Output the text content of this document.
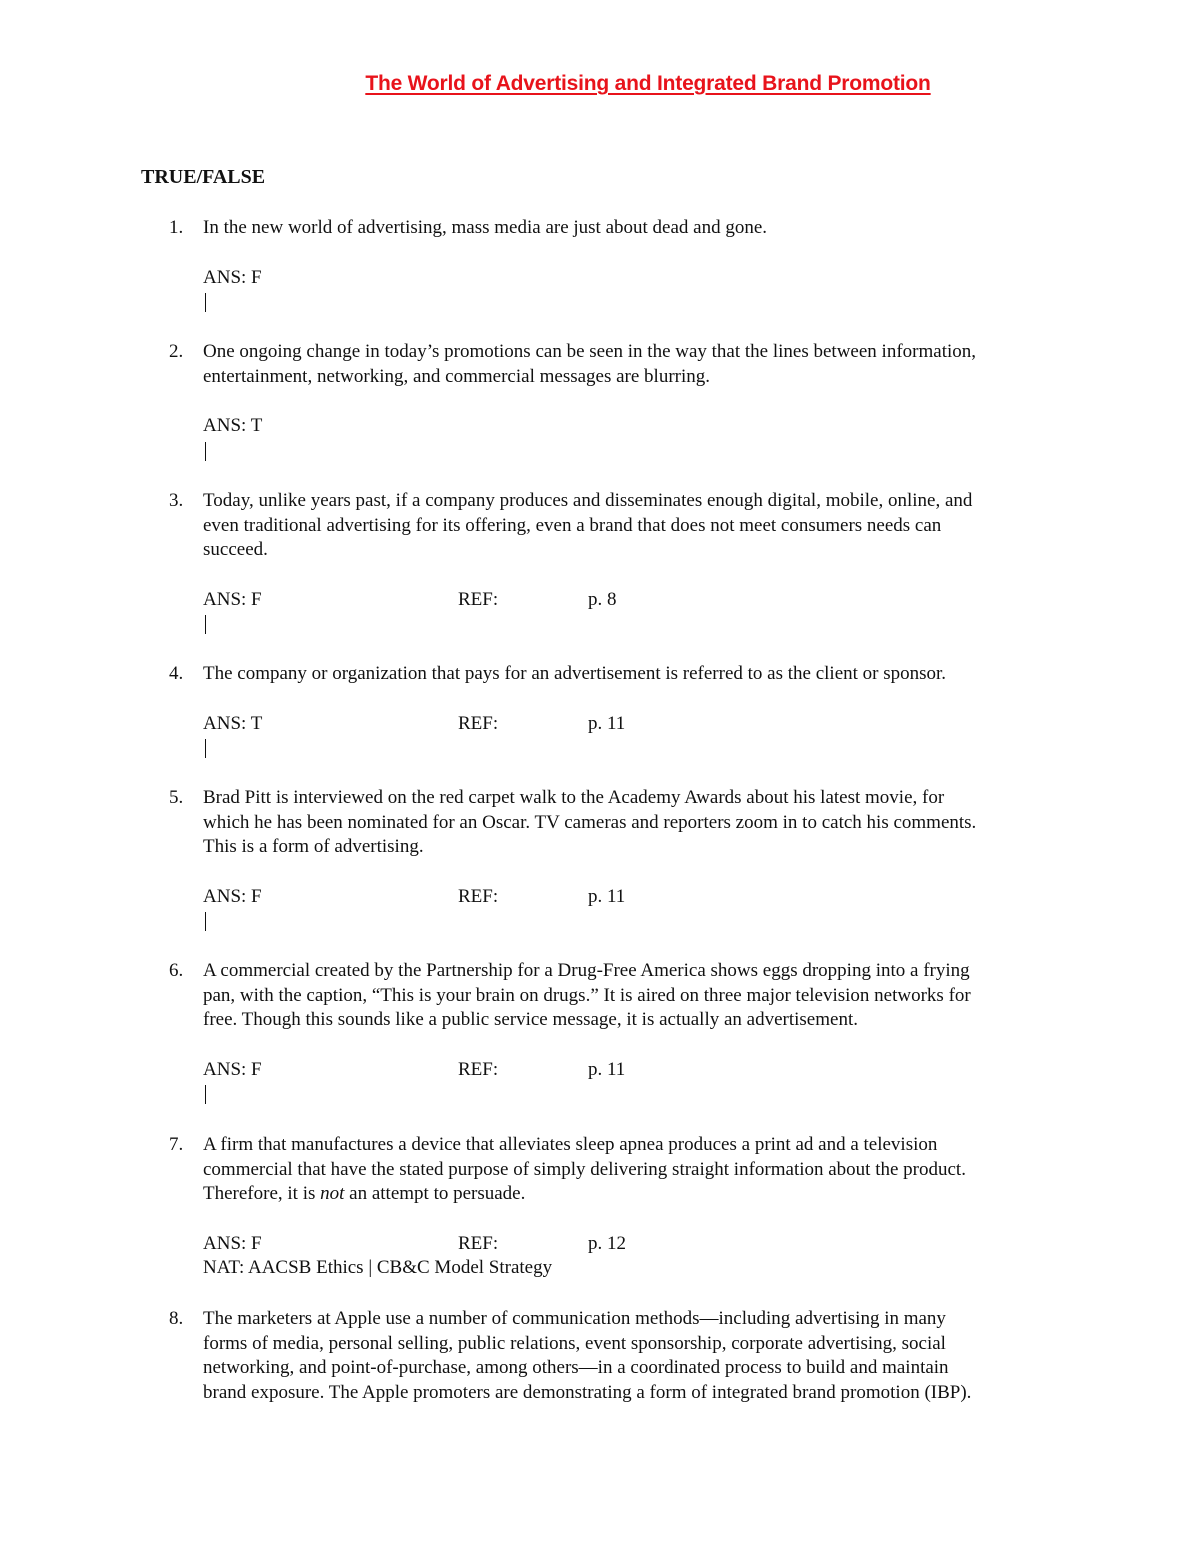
The World of Advertising and Integrated Brand Promotion
TRUE/FALSE
1. In the new world of advertising, mass media are just about dead and gone.
ANS: F
2. One ongoing change in today’s promotions can be seen in the way that the lines between information,
entertainment, networking, and commercial messages are blurring.
ANS: T
3. Today, unlike years past, if a company produces and disseminates enough digital, mobile, online, and
even traditional advertising for its offering, even a brand that does not meet consumers needs can
succeed.
ANS: F	REF:	p. 8
4. The company or organization that pays for an advertisement is referred to as the client or sponsor.
ANS: T	REF:	p. 11
5. Brad Pitt is interviewed on the red carpet walk to the Academy Awards about his latest movie, for
which he has been nominated for an Oscar. TV cameras and reporters zoom in to catch his comments.
This is a form of advertising.
ANS: F	REF:	p. 11
6. A commercial created by the Partnership for a Drug-Free America shows eggs dropping into a frying
pan, with the caption, “This is your brain on drugs.” It is aired on three major television networks for
free. Though this sounds like a public service message, it is actually an advertisement.
ANS: F	REF:	p. 11
7. A firm that manufactures a device that alleviates sleep apnea produces a print ad and a television
commercial that have the stated purpose of simply delivering straight information about the product.
Therefore, it is not an attempt to persuade.
ANS: F	REF:	p. 12
NAT: AACSB Ethics | CB&C Model Strategy
8. The marketers at Apple use a number of communication methods—including advertising in many
forms of media, personal selling, public relations, event sponsorship, corporate advertising, social
networking, and point-of-purchase, among others—in a coordinated process to build and maintain
brand exposure. The Apple promoters are demonstrating a form of integrated brand promotion (IBP).
